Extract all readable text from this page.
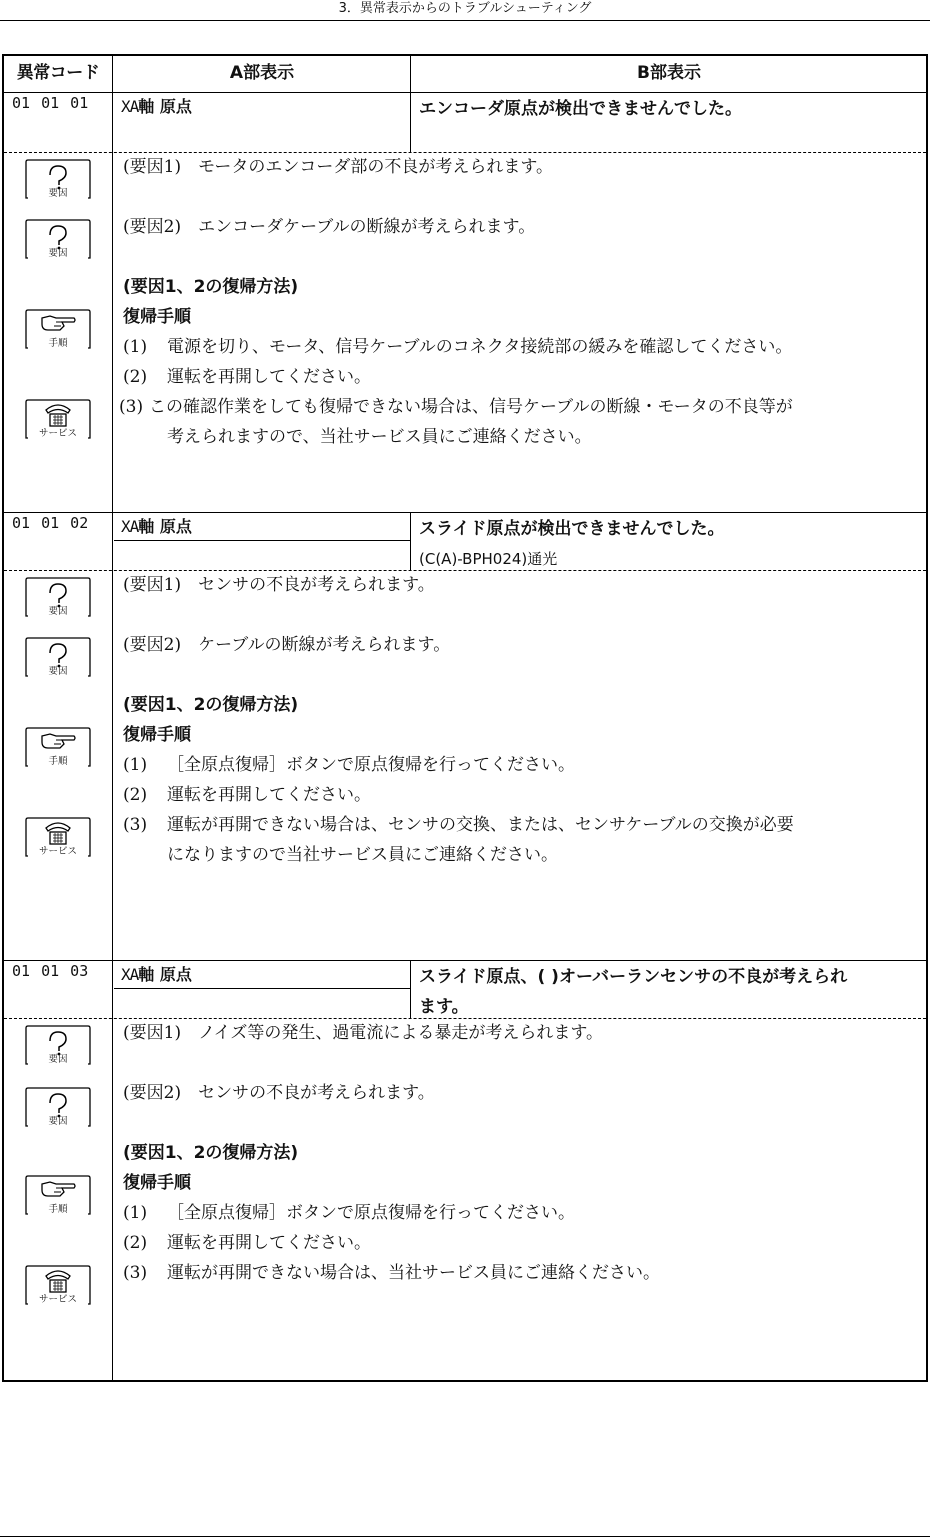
3．異常表示からのトラブルシューティング
異常コード	A部表示	B部表示
01 01 01 XA軸 原点	エンコーダ原点が検出できませんでした。
要因
要因
手順
サービス
(要因1)　モータのエンコーダ部の不良が考えられます。
(要因2)　エンコーダケーブルの断線が考えられます。
(要因1、2の復帰方法)
復帰手順
(1) 電源を切り、モータ、信号ケーブルのコネクタ接続部の緩みを確認してください。
(2) 運転を再開してください。
(3) この確認作業をしても復帰できない場合は、信号ケーブルの断線・モータの不良等が
考えられますので、当社サービス員にご連絡ください。
01 01 02 XA軸 原点	スライド原点が検出できませんでした。
(C(A)-BPH024)通光
要因
要因
手順
サービス
(要因1)　センサの不良が考えられます。
(要因2)　ケーブルの断線が考えられます。
(要因1、2の復帰方法)
復帰手順
(1) ［全原点復帰］ボタンで原点復帰を行ってください。
(2) 運転を再開してください。
(3) 運転が再開できない場合は、センサの交換、または、センサケーブルの交換が必要
になりますので当社サービス員にご連絡ください。
01 01 03 XA軸 原点	スライド原点、( )オーバーランセンサの不良が考えられ
ます。
要因
要因
手順
サービス
(要因1)　ノイズ等の発生、過電流による暴走が考えられます。
(要因2)　センサの不良が考えられます。
(要因1、2の復帰方法)
復帰手順
(1) ［全原点復帰］ボタンで原点復帰を行ってください。
(2) 運転を再開してください。
(3) 運転が再開できない場合は、当社サービス員にご連絡ください。
